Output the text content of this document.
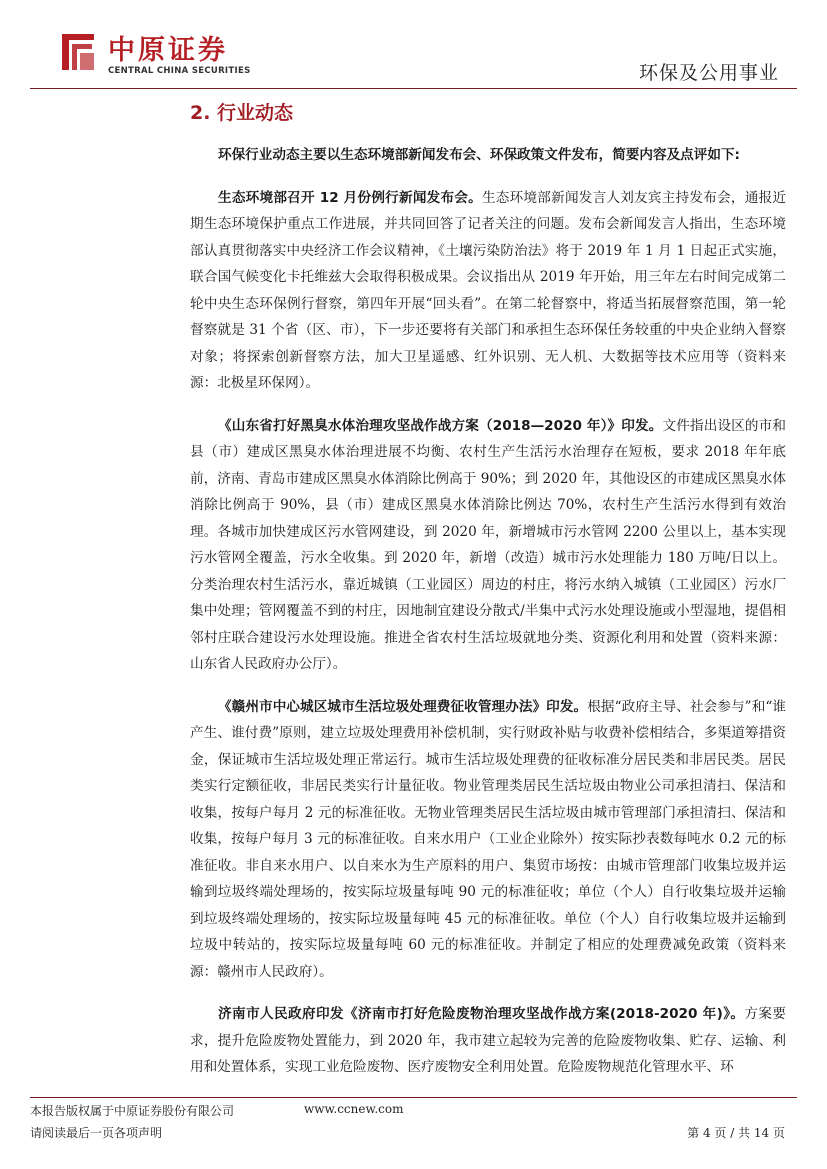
中原证券
CENTRAL CHINA SECURITIES	环保及公用事业
2. 行业动态

环保行业动态主要以生态环境部新闻发布会、环保政策文件发布，简要内容及点评如下:

生态环境部召开 12 月份例行新闻发布会。生态环境部新闻发言人刘友宾主持发布会，通报近期生态环境保护重点工作进展，并共同回答了记者关注的问题。发布会新闻发言人指出，生态环境部认真贯彻落实中央经济工作会议精神，《土壤污染防治法》将于 2019 年 1 月 1 日起正式实施，联合国气候变化卡托维兹大会取得积极成果。会议指出从 2019 年开始，用三年左右时间完成第二轮中央生态环保例行督察，第四年开展“回头看”。在第二轮督察中，将适当拓展督察范围，第一轮督察就是 31 个省（区、市），下一步还要将有关部门和承担生态环保任务较重的中央企业纳入督察对象；将探索创新督察方法，加大卫星遥感、红外识别、无人机、大数据等技术应用等（资料来源：北极星环保网）。

《山东省打好黑臭水体治理攻坚战作战方案（2018—2020 年）》印发。文件指出设区的市和县（市）建成区黑臭水体治理进展不均衡、农村生产生活污水治理存在短板，要求 2018 年年底前，济南、青岛市建成区黑臭水体消除比例高于 90%；到 2020 年，其他设区的市建成区黑臭水体消除比例高于 90%，县（市）建成区黑臭水体消除比例达 70%，农村生产生活污水得到有效治理。各城市加快建成区污水管网建设，到 2020 年，新增城市污水管网 2200 公里以上，基本实现污水管网全覆盖，污水全收集。到 2020 年，新增（改造）城市污水处理能力 180 万吨/日以上。分类治理农村生活污水，靠近城镇（工业园区）周边的村庄，将污水纳入城镇（工业园区）污水厂集中处理；管网覆盖不到的村庄，因地制宜建设分散式/半集中式污水处理设施或小型湿地，提倡相邻村庄联合建设污水处理设施。推进全省农村生活垃圾就地分类、资源化利用和处置（资料来源：山东省人民政府办公厅）。

《赣州市中心城区城市生活垃圾处理费征收管理办法》印发。根据“政府主导、社会参与”和“谁产生、谁付费”原则，建立垃圾处理费用补偿机制，实行财政补贴与收费补偿相结合，多渠道筹措资金，保证城市生活垃圾处理正常运行。城市生活垃圾处理费的征收标准分居民类和非居民类。居民类实行定额征收，非居民类实行计量征收。物业管理类居民生活垃圾由物业公司承担清扫、保洁和收集，按每户每月 2 元的标准征收。无物业管理类居民生活垃圾由城市管理部门承担清扫、保洁和收集，按每户每月 3 元的标准征收。自来水用户（工业企业除外）按实际抄表数每吨水 0.2 元的标准征收。非自来水用户、以自来水为生产原料的用户、集贸市场按：由城市管理部门收集垃圾并运输到垃圾终端处理场的，按实际垃圾量每吨 90 元的标准征收；单位（个人）自行收集垃圾并运输到垃圾终端处理场的，按实际垃圾量每吨 45 元的标准征收。单位（个人）自行收集垃圾并运输到垃圾中转站的，按实际垃圾量每吨 60 元的标准征收。并制定了相应的处理费减免政策（资料来源：赣州市人民政府）。

济南市人民政府印发《济南市打好危险废物治理攻坚战作战方案(2018-2020 年)》。方案要求，提升危险废物处置能力，到 2020 年，我市建立起较为完善的危险废物收集、贮存、运输、利用和处置体系，实现工业危险废物、医疗废物安全利用处置。危险废物规范化管理水平、环

本报告版权属于中原证券股份有限公司	www.ccnew.com
请阅读最后一页各项声明	第 4 页 / 共 14 页
